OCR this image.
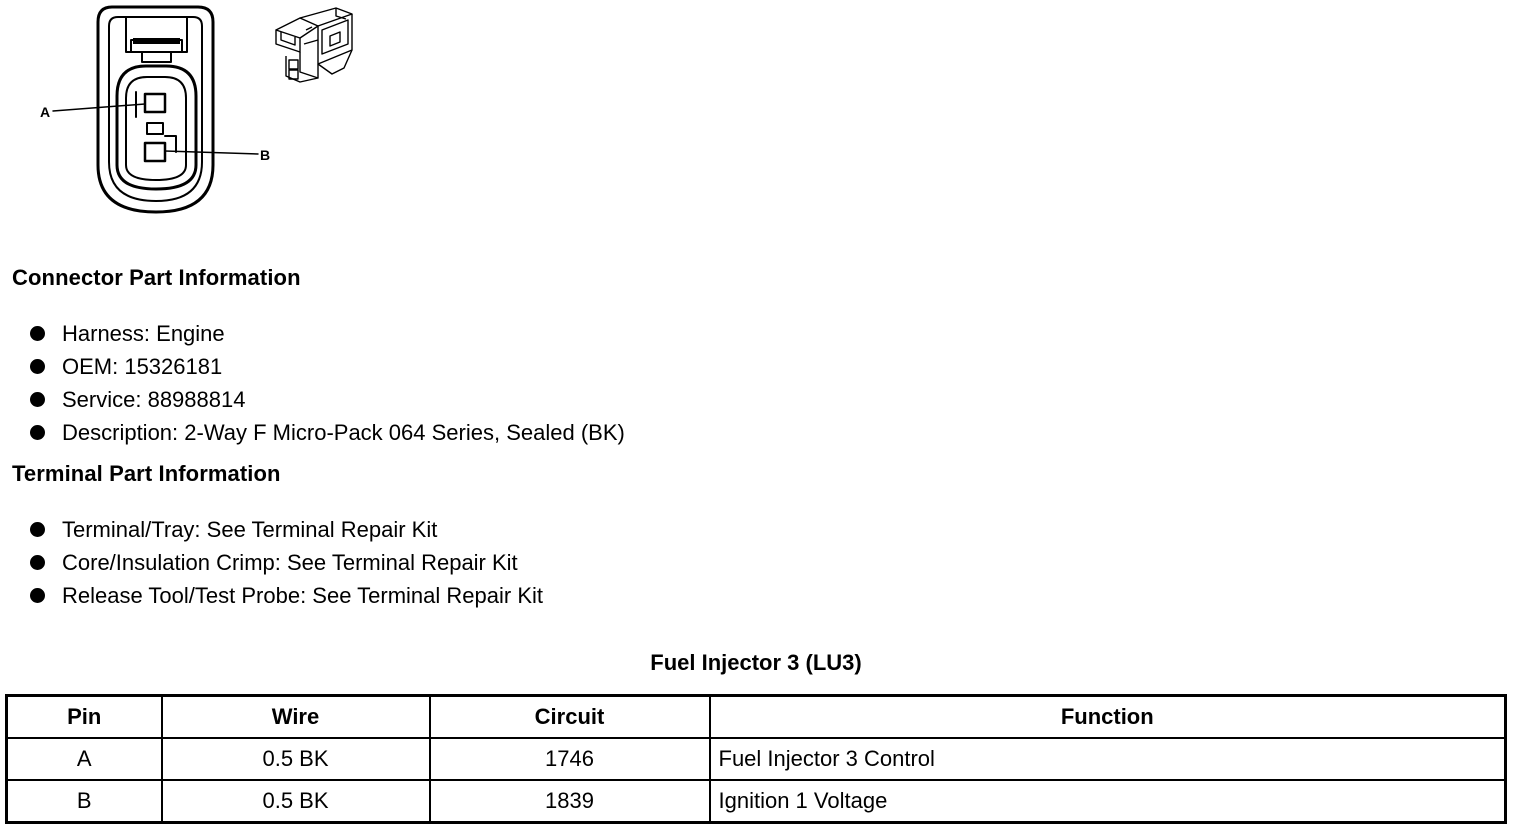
A
B
Connector Part Information
Harness: Engine
OEM: 15326181
Service: 88988814
Description: 2-Way F Micro-Pack 064 Series, Sealed (BK)
Terminal Part Information
Terminal/Tray: See Terminal Repair Kit
Core/Insulation Crimp: See Terminal Repair Kit
Release Tool/Test Probe: See Terminal Repair Kit
Fuel Injector 3 (LU3)
Pin	Wire	Circuit	Function
A	0.5 BK	1746	Fuel Injector 3 Control
B	0.5 BK	1839	Ignition 1 Voltage
